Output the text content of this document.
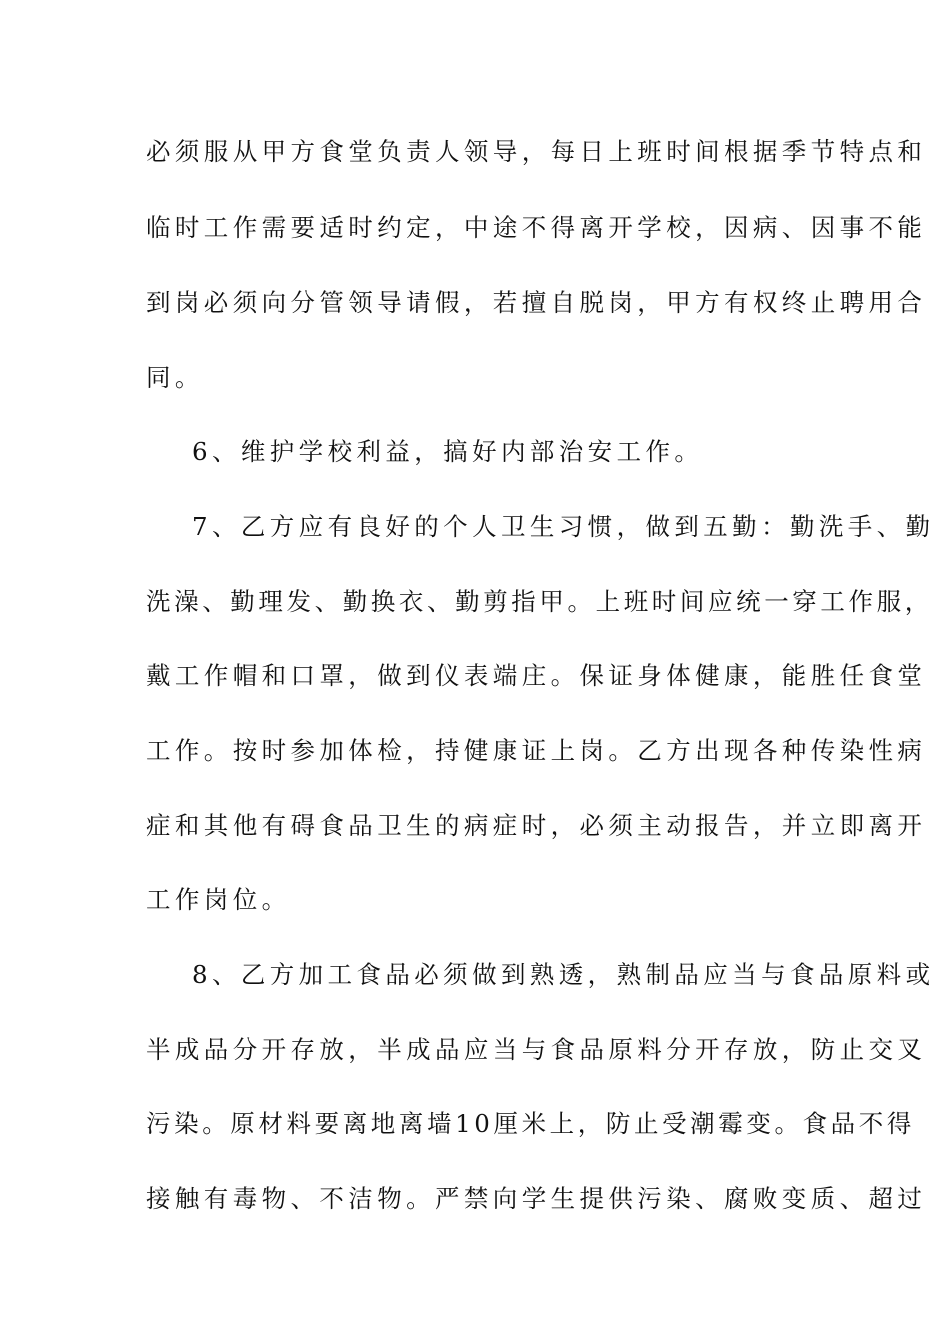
必须服从甲方食堂负责人领导，每日上班时间根据季节特点和
临时工作需要适时约定，中途不得离开学校，因病、因事不能
到岗必须向分管领导请假，若擅自脱岗，甲方有权终止聘用合
同。
6、维护学校利益，搞好内部治安工作。
7、乙方应有良好的个人卫生习惯，做到五勤：勤洗手、勤
洗澡、勤理发、勤换衣、勤剪指甲。上班时间应统一穿工作服，
戴工作帽和口罩，做到仪表端庄。保证身体健康，能胜任食堂
工作。按时参加体检，持健康证上岗。乙方出现各种传染性病
症和其他有碍食品卫生的病症时，必须主动报告，并立即离开
工作岗位。
8、乙方加工食品必须做到熟透，熟制品应当与食品原料或
半成品分开存放，半成品应当与食品原料分开存放，防止交叉
污染。原材料要离地离墙10厘米上，防止受潮霉变。食品不得
接触有毒物、不洁物。严禁向学生提供污染、腐败变质、超过
